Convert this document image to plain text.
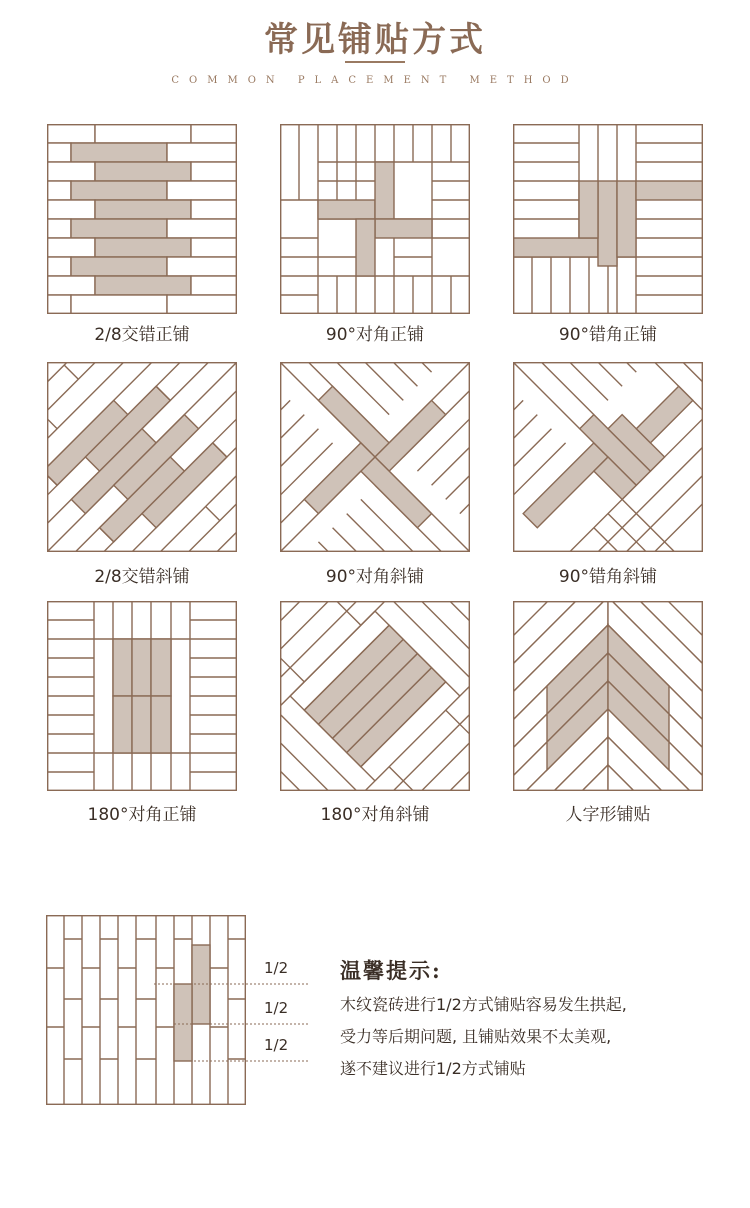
常见铺贴方式
COMMON PLACEMENT METHOD
2/8交错正铺	90°对角正铺	90°错角正铺
2/8交错斜铺	90°对角斜铺	90°错角斜铺
180°对角正铺	180°对角斜铺	人字形铺贴
1/2
1/2
1/2
温馨提示:
木纹瓷砖进行1/2方式铺贴容易发生拱起,
受力等后期问题, 且铺贴效果不太美观,
遂不建议进行1/2方式铺贴
